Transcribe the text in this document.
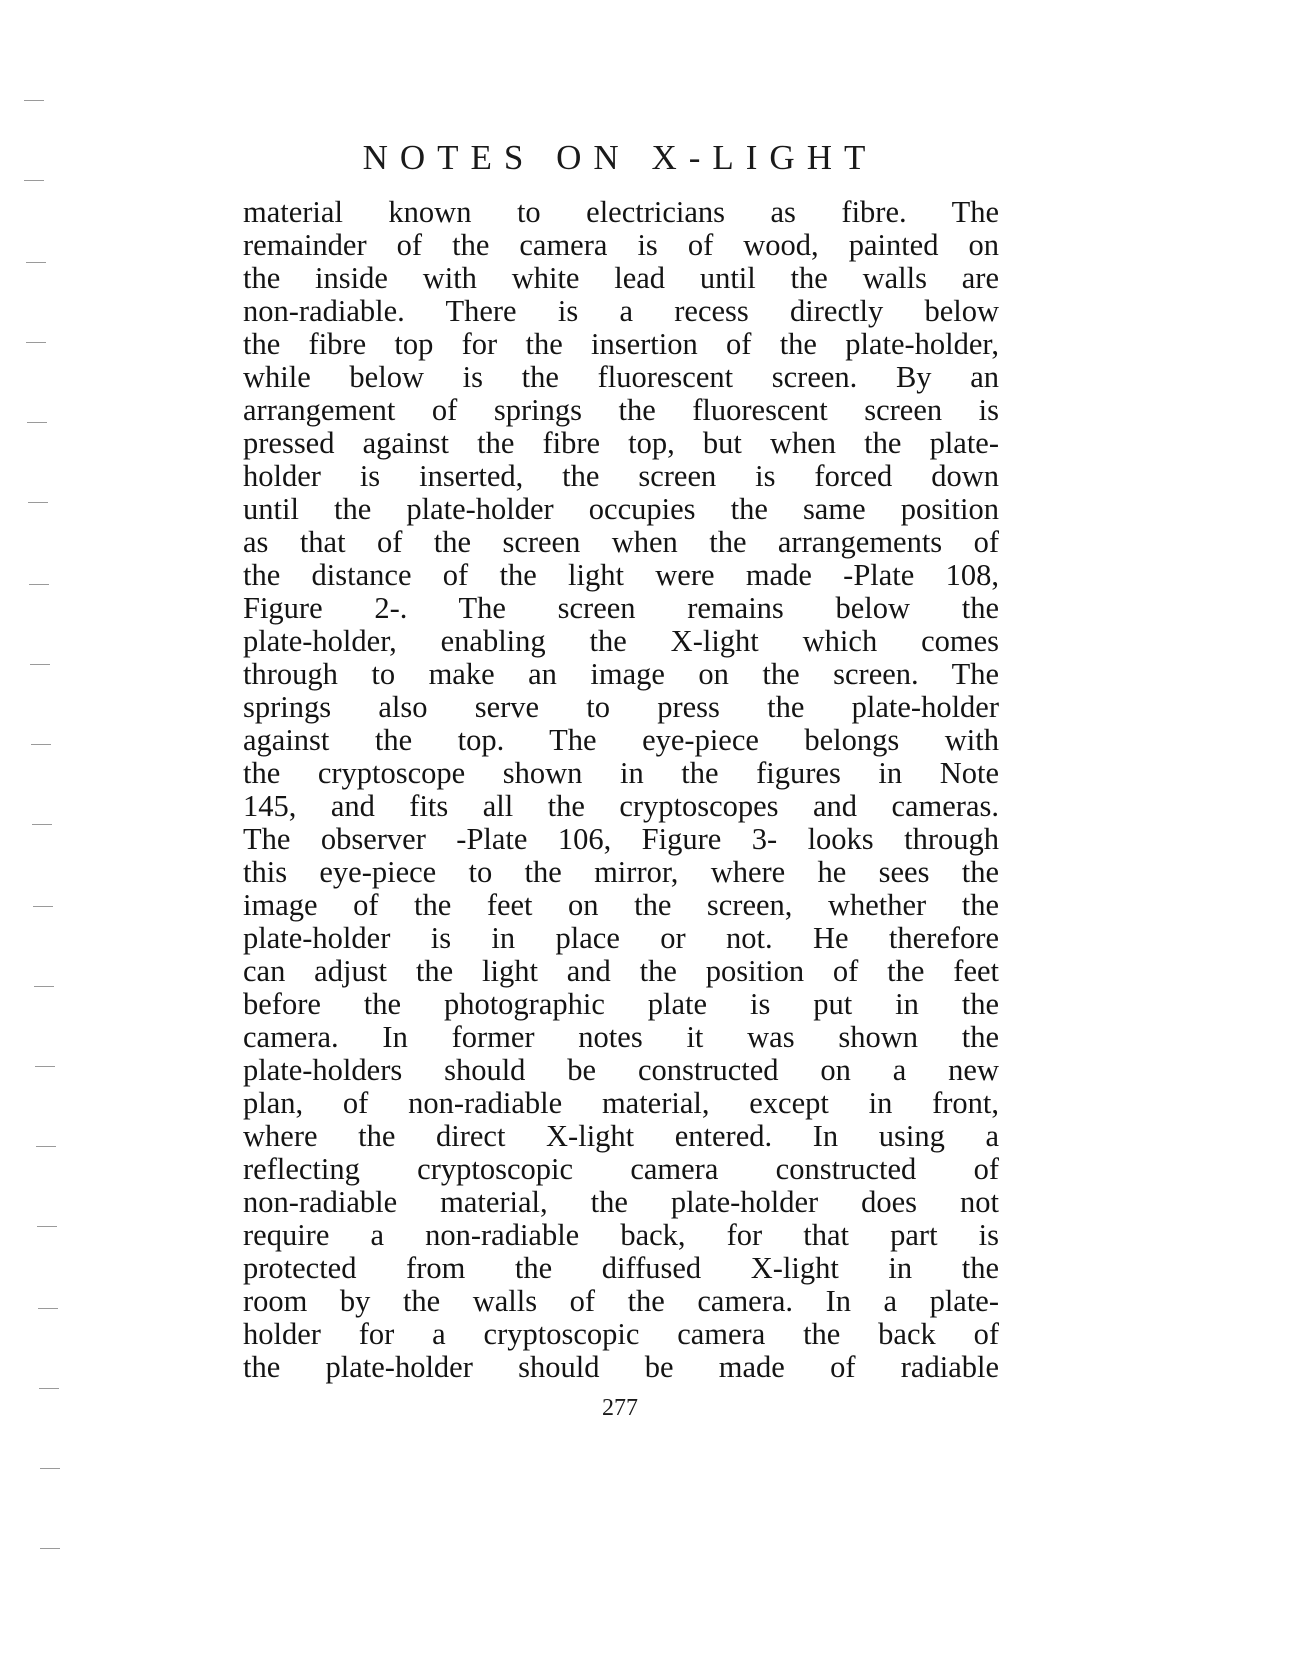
NOTES ON X-LIGHT
material known to electricians as fibre. The
remainder of the camera is of wood, painted on
the inside with white lead until the walls are
non-radiable. There is a recess directly below
the fibre top for the insertion of the plate-holder,
while below is the fluorescent screen. By an
arrangement of springs the fluorescent screen is
pressed against the fibre top, but when the plate-
holder is inserted, the screen is forced down
until the plate-holder occupies the same position
as that of the screen when the arrangements of
the distance of the light were made -Plate 108,
Figure 2-. The screen remains below the
plate-holder, enabling the X-light which comes
through to make an image on the screen. The
springs also serve to press the plate-holder
against the top. The eye-piece belongs with
the cryptoscope shown in the figures in Note
145, and fits all the cryptoscopes and cameras.
The observer -Plate 106, Figure 3- looks through
this eye-piece to the mirror, where he sees the
image of the feet on the screen, whether the
plate-holder is in place or not. He therefore
can adjust the light and the position of the feet
before the photographic plate is put in the
camera. In former notes it was shown the
plate-holders should be constructed on a new
plan, of non-radiable material, except in front,
where the direct X-light entered. In using a
reflecting cryptoscopic camera constructed of
non-radiable material, the plate-holder does not
require a non-radiable back, for that part is
protected from the diffused X-light in the
room by the walls of the camera. In a plate-
holder for a cryptoscopic camera the back of
the plate-holder should be made of radiable
277
